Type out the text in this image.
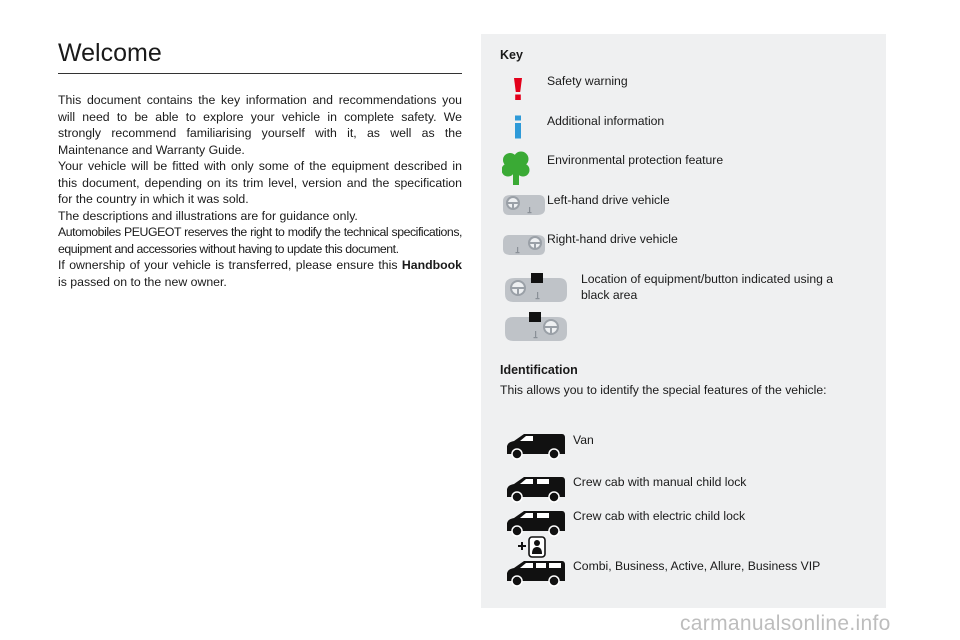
Welcome

This document contains the key information and recommendations you will need to be able to explore your vehicle in complete safety. We strongly recommend familiarising yourself with it, as well as the Maintenance and Warranty Guide.

Your vehicle will be fitted with only some of the equipment described in this document, depending on its trim level, version and the specification for the country in which it was sold.

The descriptions and illustrations are for guidance only.

Automobiles PEUGEOT reserves the right to modify the technical specifications, equipment and accessories without having to update this document.

If ownership of your vehicle is transferred, please ensure this Handbook is passed on to the new owner.

Key
Safety warning
Additional information
Environmental protection feature
Left-hand drive vehicle
Right-hand drive vehicle
Location of equipment/button indicated using a black area
Identification
This allows you to identify the special features of the vehicle:
Van
Crew cab with manual child lock
Crew cab with electric child lock
Combi, Business, Active, Allure, Business VIP
carmanualsonline.info
